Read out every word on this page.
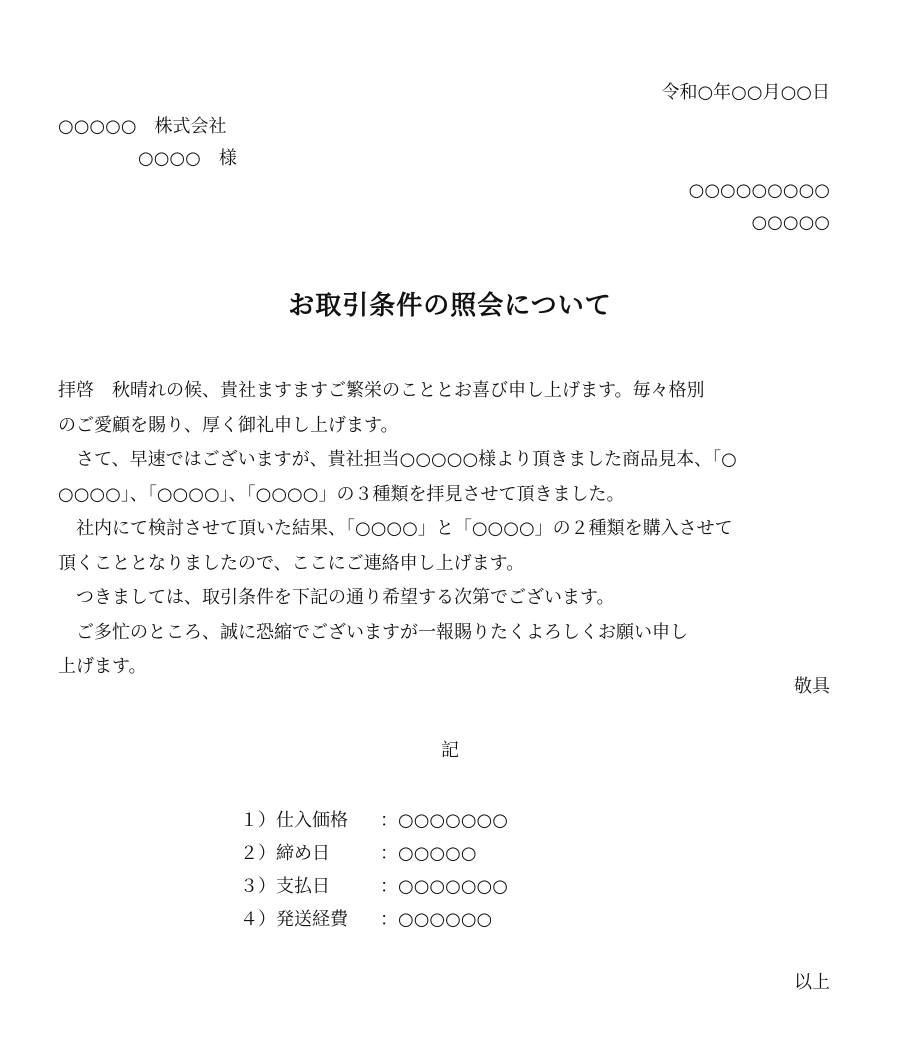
令和○年○○月○○日
○○○○○　株式会社
○○○○　様
○○○○○○○○○
○○○○○
お取引条件の照会について

拝啓　秋晴れの候、貴社ますますご繁栄のこととお喜び申し上げます。毎々格別

のご愛顧を賜り、厚く御礼申し上げます。

　さて、早速ではございますが、貴社担当○○○○○様より頂きました商品見本、「○

○○○○」、「○○○○」、「○○○○」の３種類を拝見させて頂きました。

　社内にて検討させて頂いた結果、「○○○○」と「○○○○」の２種類を購入させて

頂くこととなりましたので、ここにご連絡申し上げます。

　つきましては、取引条件を下記の通り希望する次第でございます。

　ご多忙のところ、誠に恐縮でございますが一報賜りたくよろしくお願い申し

上げます。

敬具
記
１）仕入価格	：○○○○○○○
２）締め日	：○○○○○
３）支払日	：○○○○○○○
４）発送経費	：○○○○○○
以上
